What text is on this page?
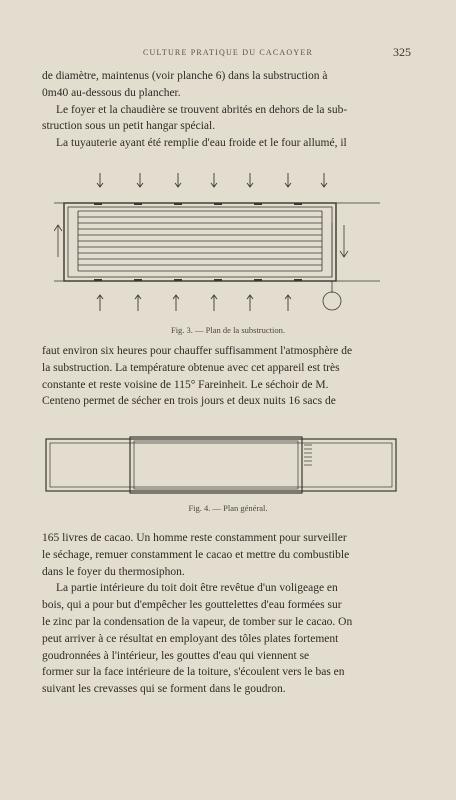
CULTURE PRATIQUE DU CACAOYER	325
de diamètre, maintenus (voir planche 6) dans la substruction à
0m40 au-dessous du plancher.
Le foyer et la chaudière se trouvent abrités en dehors de la sub-
struction sous un petit hangar spécial.
La tuyauterie ayant été remplie d'eau froide et le four allumé, il
Fig. 3. — Plan de la substruction.
faut environ six heures pour chauffer suffisamment l'atmosphère de
la substruction. La température obtenue avec cet appareil est très
constante et reste voisine de 115° Fareinheit. Le séchoir de M.
Centeno permet de sécher en trois jours et deux nuits 16 sacs de
Fig. 4. — Plan général.
165 livres de cacao. Un homme reste constamment pour surveiller
le séchage, remuer constamment le cacao et mettre du combustible
dans le foyer du thermosiphon.
La partie intérieure du toit doit être revêtue d'un voligeage en
bois, qui a pour but d'empêcher les gouttelettes d'eau formées sur
le zinc par la condensation de la vapeur, de tomber sur le cacao. On
peut arriver à ce résultat en employant des tôles plates fortement
goudronnées à l'intérieur, les gouttes d'eau qui viennent se
former sur la face intérieure de la toiture, s'écoulent vers le bas en
suivant les crevasses qui se forment dans le goudron.
